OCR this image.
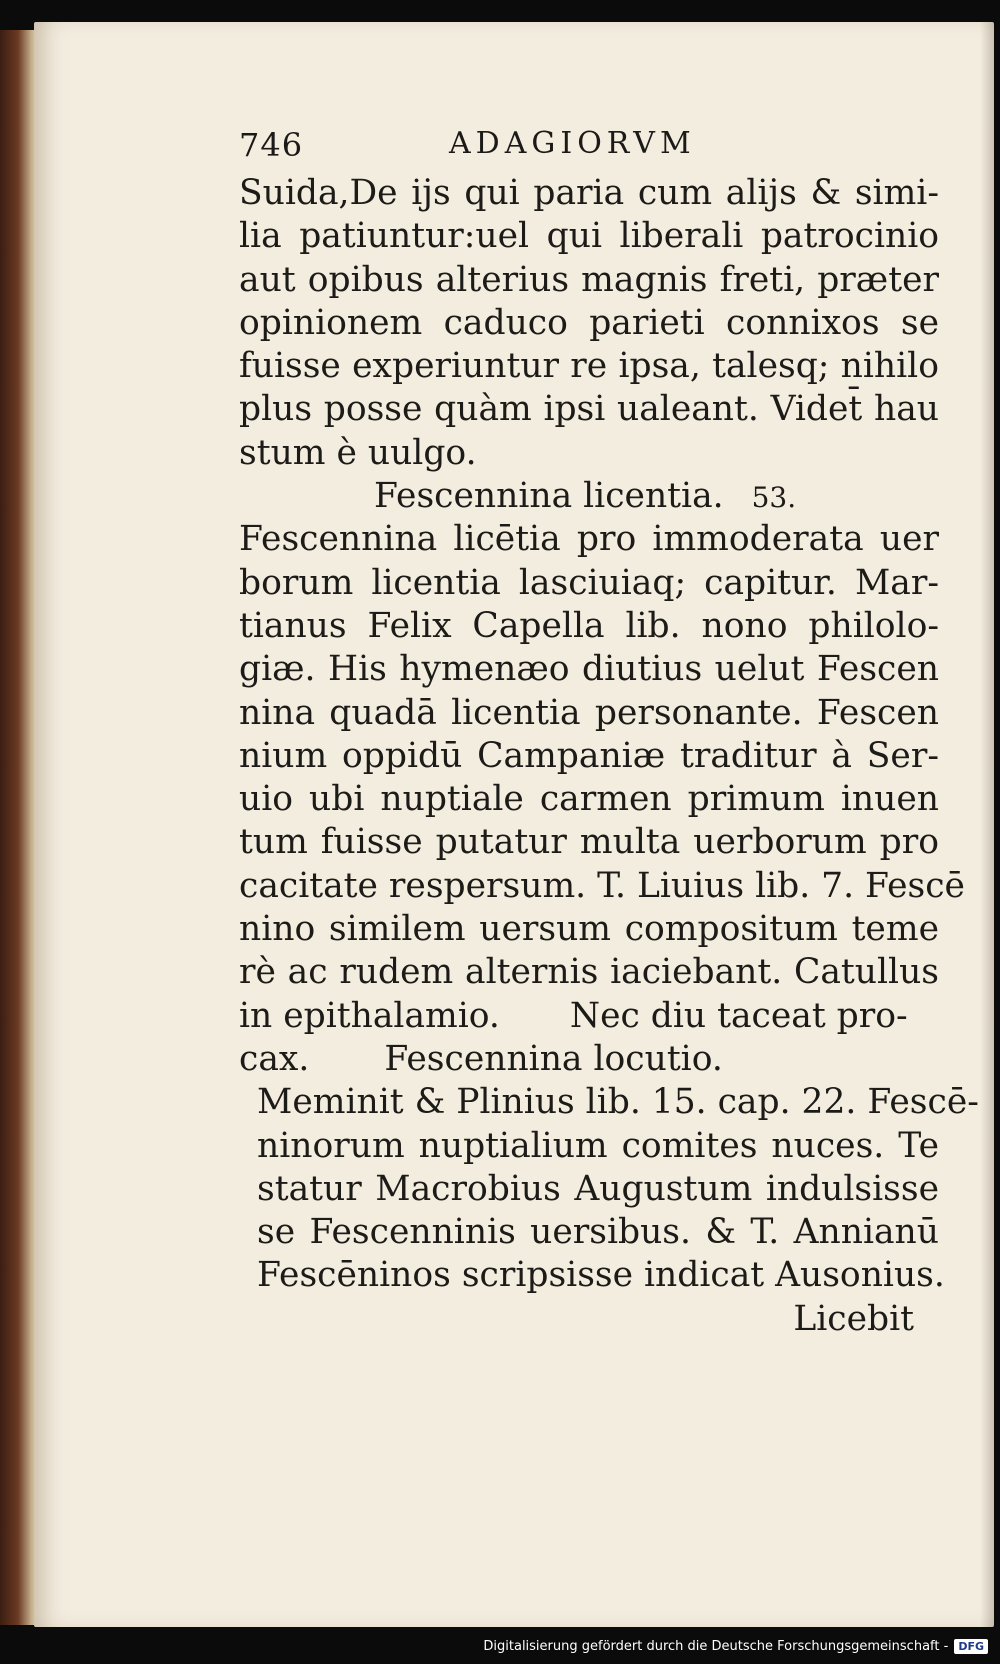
746	ADAGIORVM
Suida,De ijs qui paria cum alijs & simi-
lia patiuntur:uel qui liberali patrocinio
aut opibus alterius magnis freti, præter
opinionem caduco parieti connixos se
fuisse experiuntur re ipsa, talesq; nihilo
plus posse quàm ipsi ualeant. Videt̄ hau
stum è uulgo.
Fescennina licentia. 53.
Fescennina licētia pro immoderata uer
borum licentia lasciuiaq; capitur. Mar-
tianus Felix Capella lib. nono philolo-
giæ. His hymenæo diutius uelut Fescen
nina quadā licentia personante. Fescen
nium oppidū Campaniæ traditur à Ser-
uio ubi nuptiale carmen primum inuen
tum fuisse putatur multa uerborum pro
cacitate respersum. T. Liuius lib. 7. Fescē
nino similem uersum compositum teme
rè ac rudem alternis iaciebant. Catullus
in epithalamio. Nec diu taceat pro-
cax. Fescennina locutio.
Meminit & Plinius lib. 15. cap. 22. Fescē-
ninorum nuptialium comites nuces. Te
statur Macrobius Augustum indulsisse
se Fescenninis uersibus. & T. Annianū
Fescēninos scripsisse indicat Ausonius.
Licebit
Digitalisierung gefördert durch die Deutsche Forschungsgemeinschaft - DFG
